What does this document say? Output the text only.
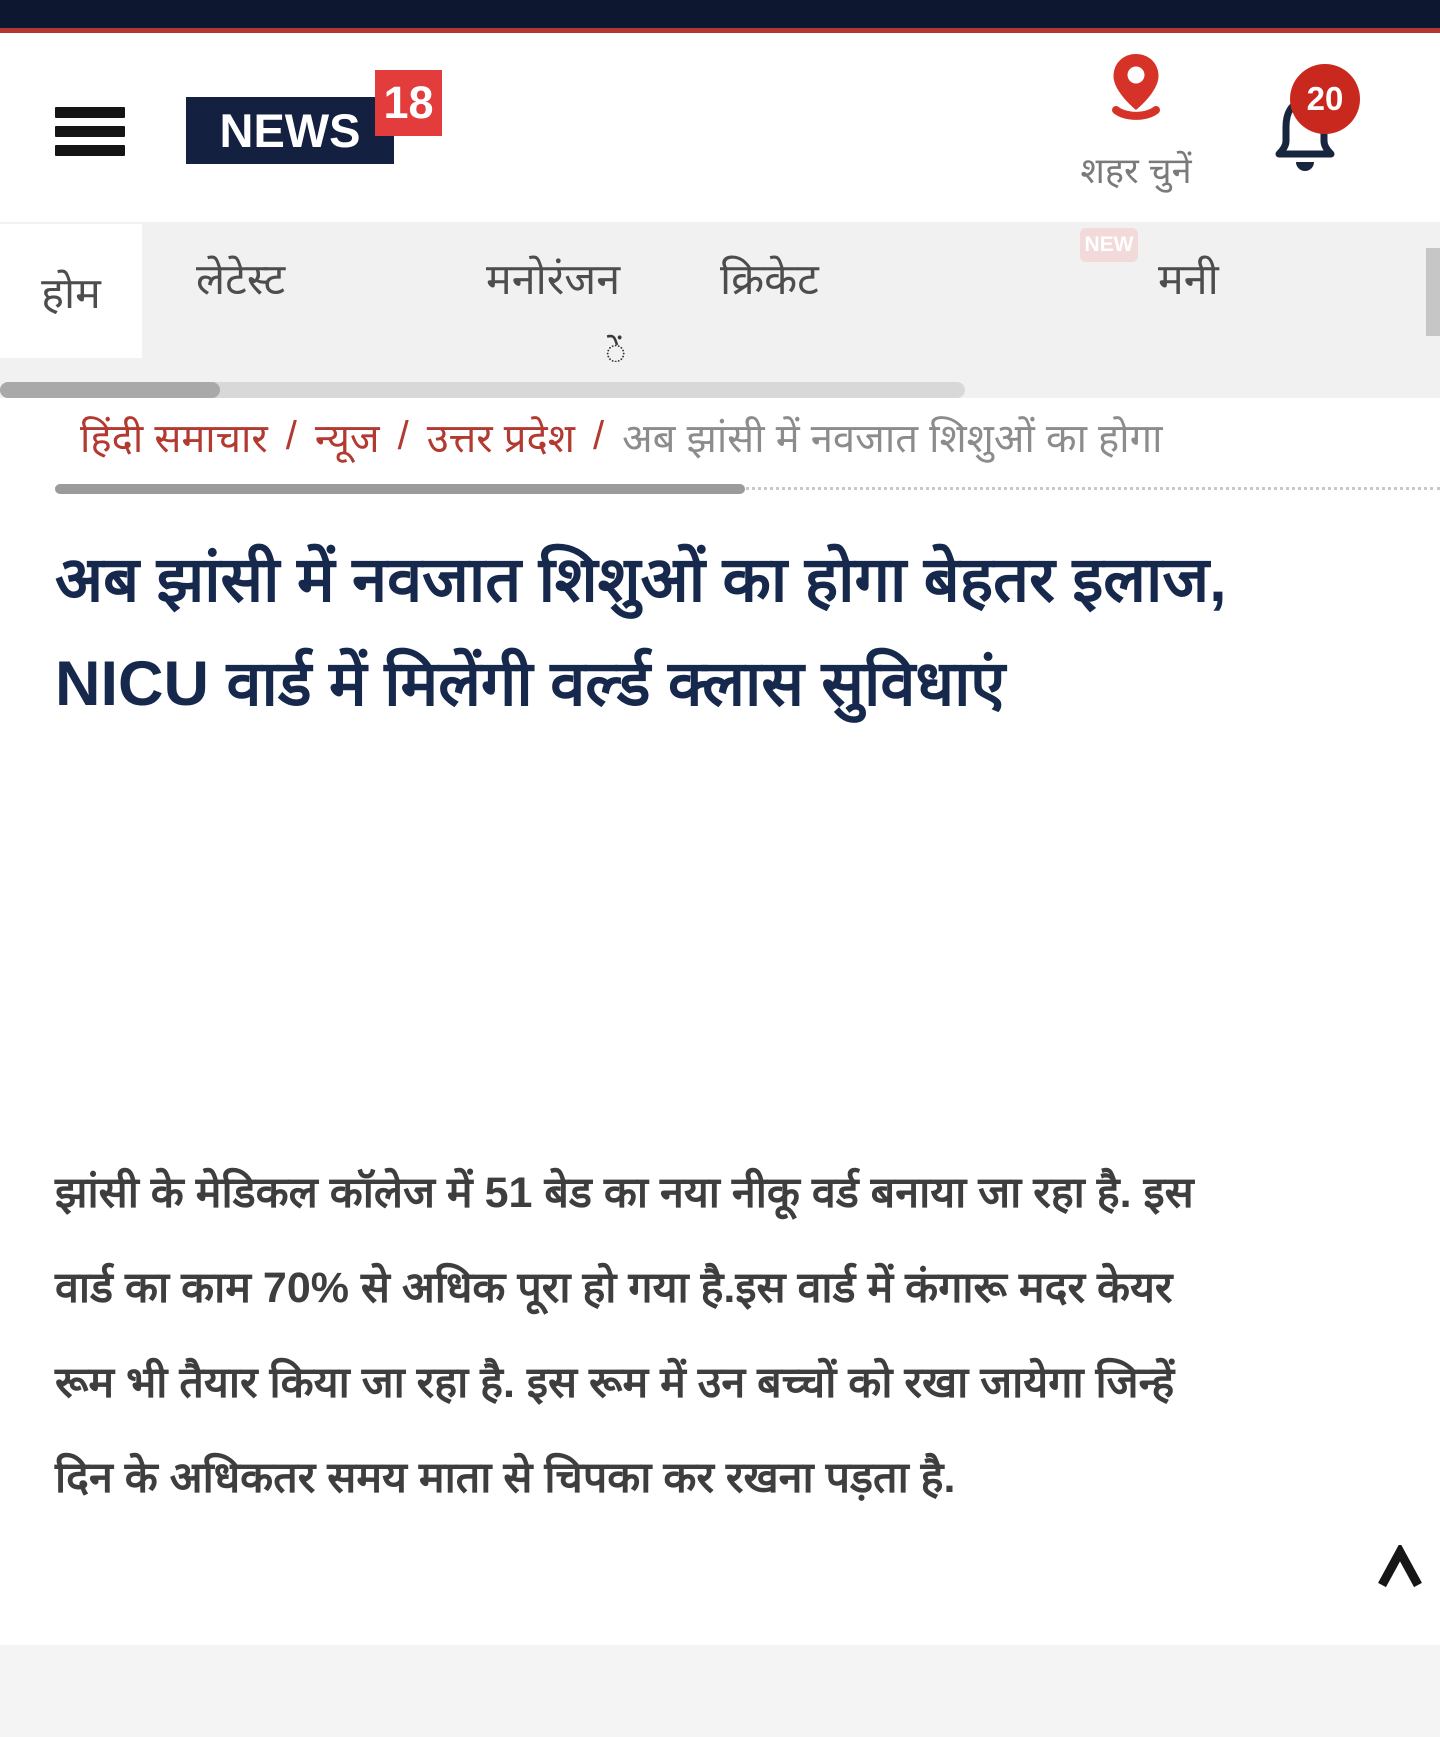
NEWS
18
शहर चुनें
20
होम	लेटेस्ट	मनोरंजन क्रिकेट
NEW
मनी
ें
हिंदी समाचार / न्यूज / उत्तर प्रदेश / अब झांसी में नवजात शिशुओं का होगा
अब झांसी में नवजात शिशुओं का होगा बेहतर इलाज, NICU वार्ड में मिलेंगी वर्ल्ड क्लास सुविधाएं

झांसी के मेडिकल कॉलेज में 51 बेड का नया नीकू वर्ड बनाया जा रहा है. इस वार्ड का काम 70% से अधिक पूरा हो गया है.इस वार्ड में कंगारू मदर केयर रूम भी तैयार किया जा रहा है. इस रूम में उन बच्चों को रखा जायेगा जिन्हें दिन के अधिकतर समय माता से चिपका कर रखना पड़ता है.
